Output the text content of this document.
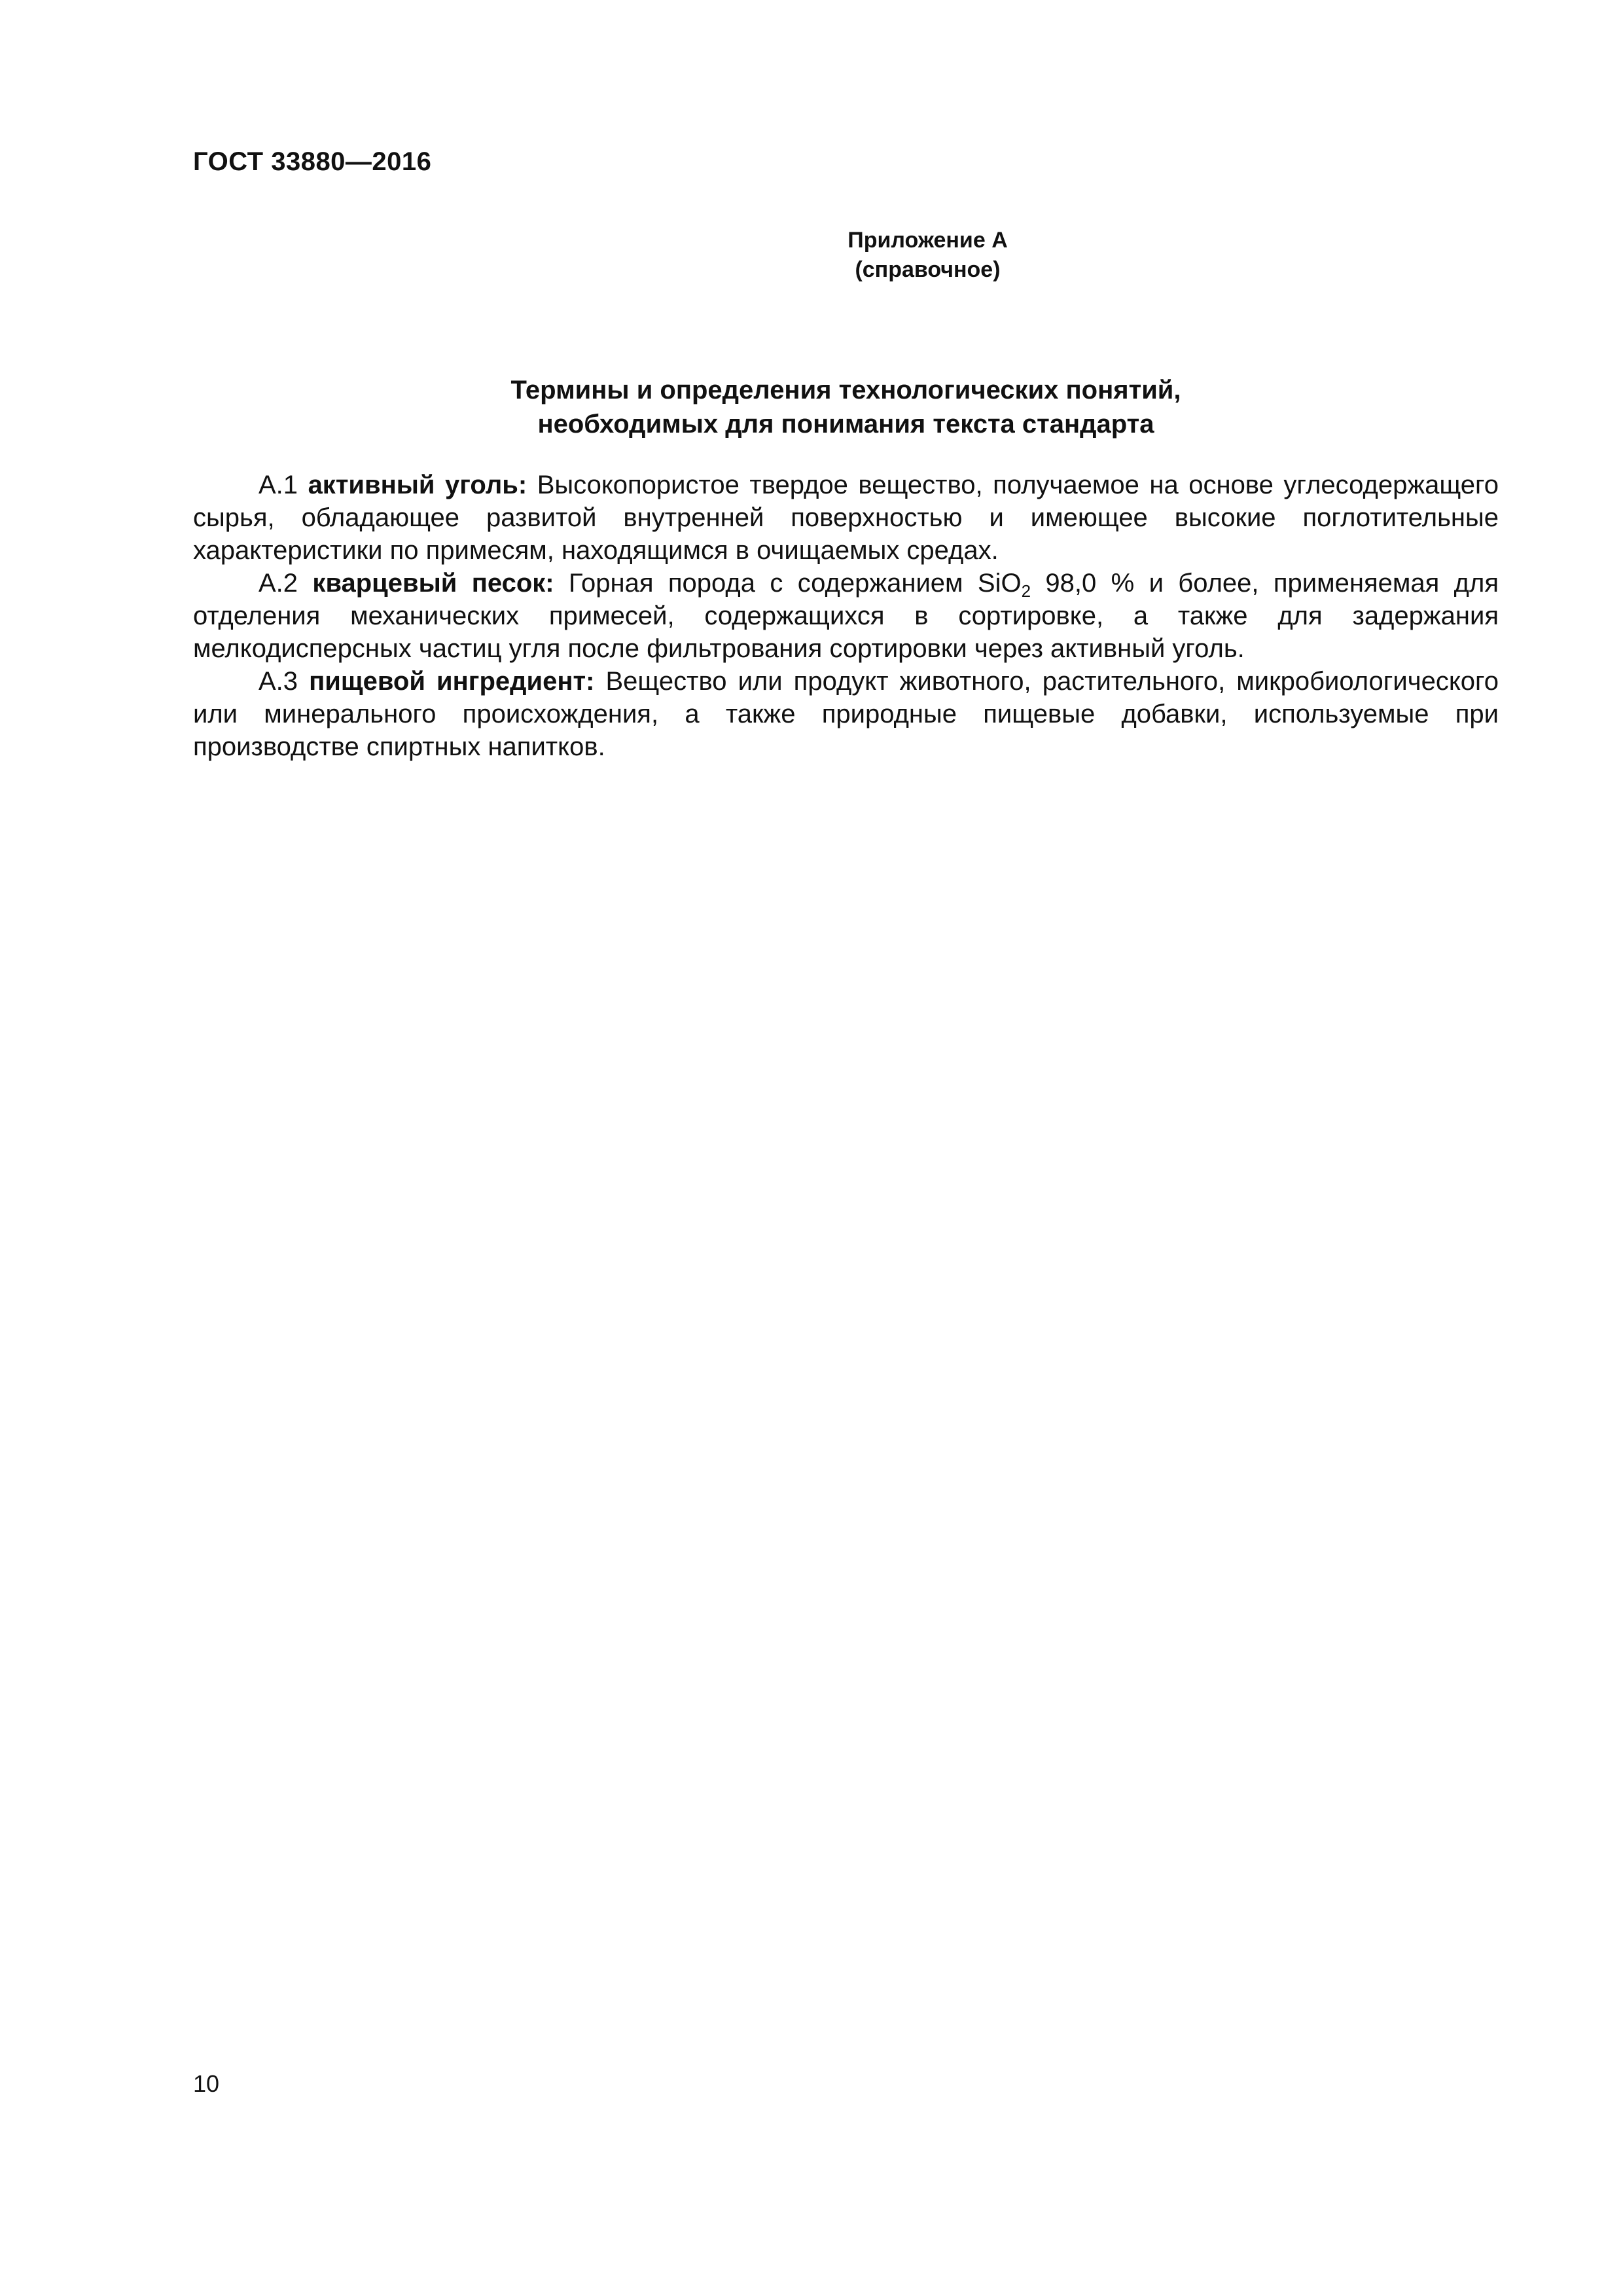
ГОСТ 33880—2016
Приложение А
(справочное)
Термины и определения технологических понятий,
необходимых для понимания текста стандарта

А.1 активный уголь: Высокопористое твердое вещество, получаемое на основе углесодержащего сырья, обладающее развитой внутренней поверхностью и имеющее высокие поглотительные характеристики по примесям, находящимся в очищаемых средах.

А.2 кварцевый песок: Горная порода с содержанием SiO$_2$ 98,0 % и более, применяемая для отделения механических примесей, содержащихся в сортировке, а также для задержания мелкодисперсных частиц угля после фильтрования сортировки через активный уголь.

А.3 пищевой ингредиент: Вещество или продукт животного, растительного, микробиологического или минерального происхождения, а также природные пищевые добавки, используемые при производстве спиртных напитков.

10
